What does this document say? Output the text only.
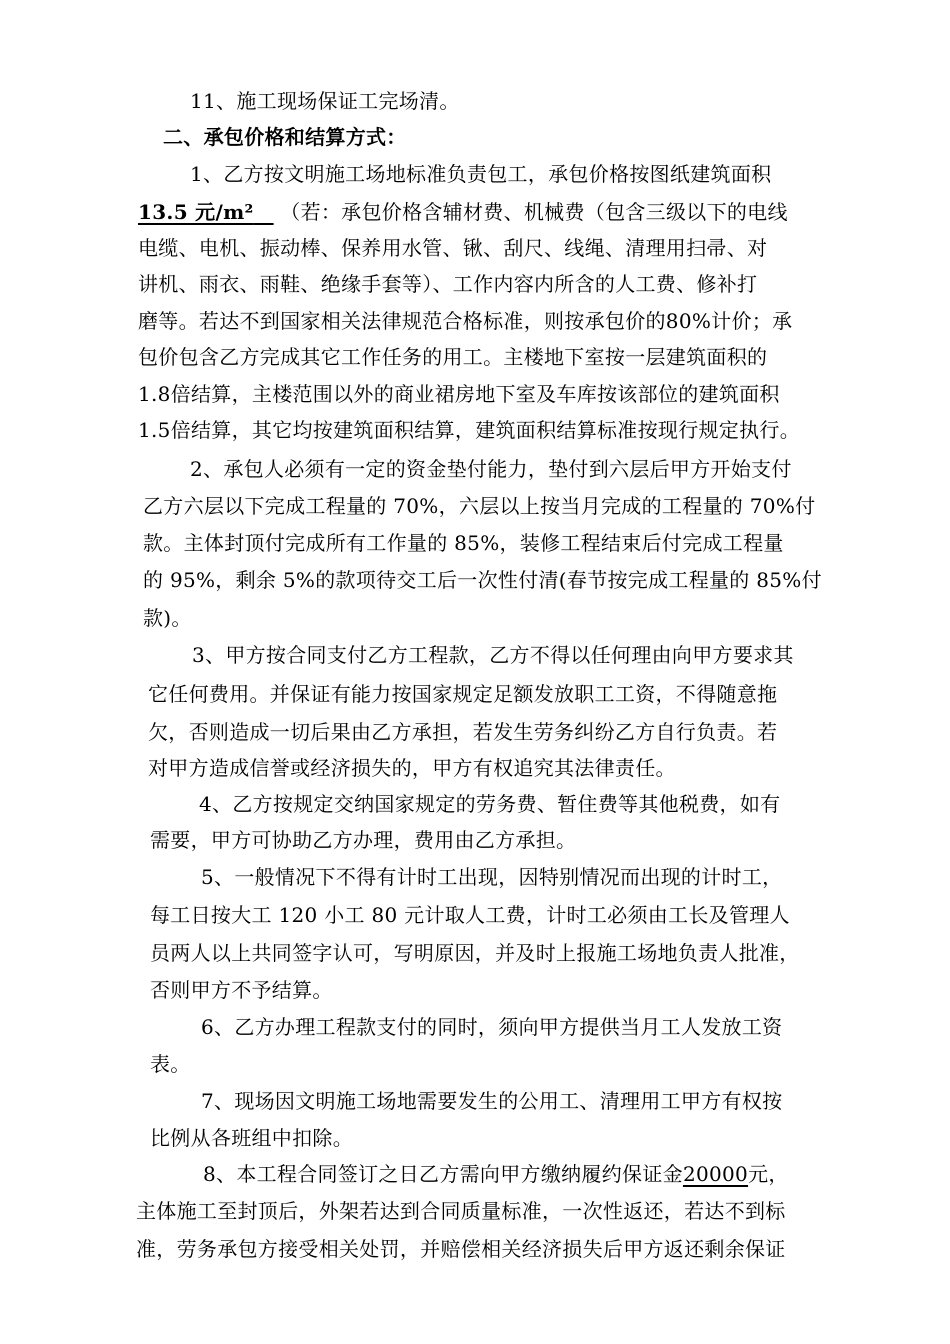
11、施工现场保证工完场清。
二、承包价格和结算方式：
1、乙方按文明施工场地标准负责包工，承包价格按图纸建筑面积
13.5 元/m² （若：承包价格含辅材费、机械费（包含三级以下的电线
电缆、电机、振动棒、保养用水管、锹、刮尺、线绳、清理用扫帚、对
讲机、雨衣、雨鞋、绝缘手套等）、工作内容内所含的人工费、修补打
磨等。若达不到国家相关法律规范合格标准，则按承包价的80%计价；承
包价包含乙方完成其它工作任务的用工。主楼地下室按一层建筑面积的
1.8倍结算，主楼范围以外的商业裙房地下室及车库按该部位的建筑面积
1.5倍结算，其它均按建筑面积结算，建筑面积结算标准按现行规定执行。
2、承包人必须有一定的资金垫付能力，垫付到六层后甲方开始支付
乙方六层以下完成工程量的 70%，六层以上按当月完成的工程量的 70%付
款。主体封顶付完成所有工作量的 85%，装修工程结束后付完成工程量
的 95%，剩余 5%的款项待交工后一次性付清(春节按完成工程量的 85%付
款)。
3、甲方按合同支付乙方工程款，乙方不得以任何理由向甲方要求其
它任何费用。并保证有能力按国家规定足额发放职工工资，不得随意拖
欠，否则造成一切后果由乙方承担，若发生劳务纠纷乙方自行负责。若
对甲方造成信誉或经济损失的，甲方有权追究其法律责任。
4、乙方按规定交纳国家规定的劳务费、暂住费等其他税费，如有
需要，甲方可协助乙方办理，费用由乙方承担。
5、一般情况下不得有计时工出现，因特别情况而出现的计时工，
每工日按大工 120 小工 80 元计取人工费，计时工必须由工长及管理人
员两人以上共同签字认可，写明原因，并及时上报施工场地负责人批准，
否则甲方不予结算。
6、乙方办理工程款支付的同时，须向甲方提供当月工人发放工资
表。
7、现场因文明施工场地需要发生的公用工、清理用工甲方有权按
比例从各班组中扣除。
8、本工程合同签订之日乙方需向甲方缴纳履约保证金20000元，
主体施工至封顶后，外架若达到合同质量标准，一次性返还，若达不到标
准，劳务承包方接受相关处罚，并赔偿相关经济损失后甲方返还剩余保证
